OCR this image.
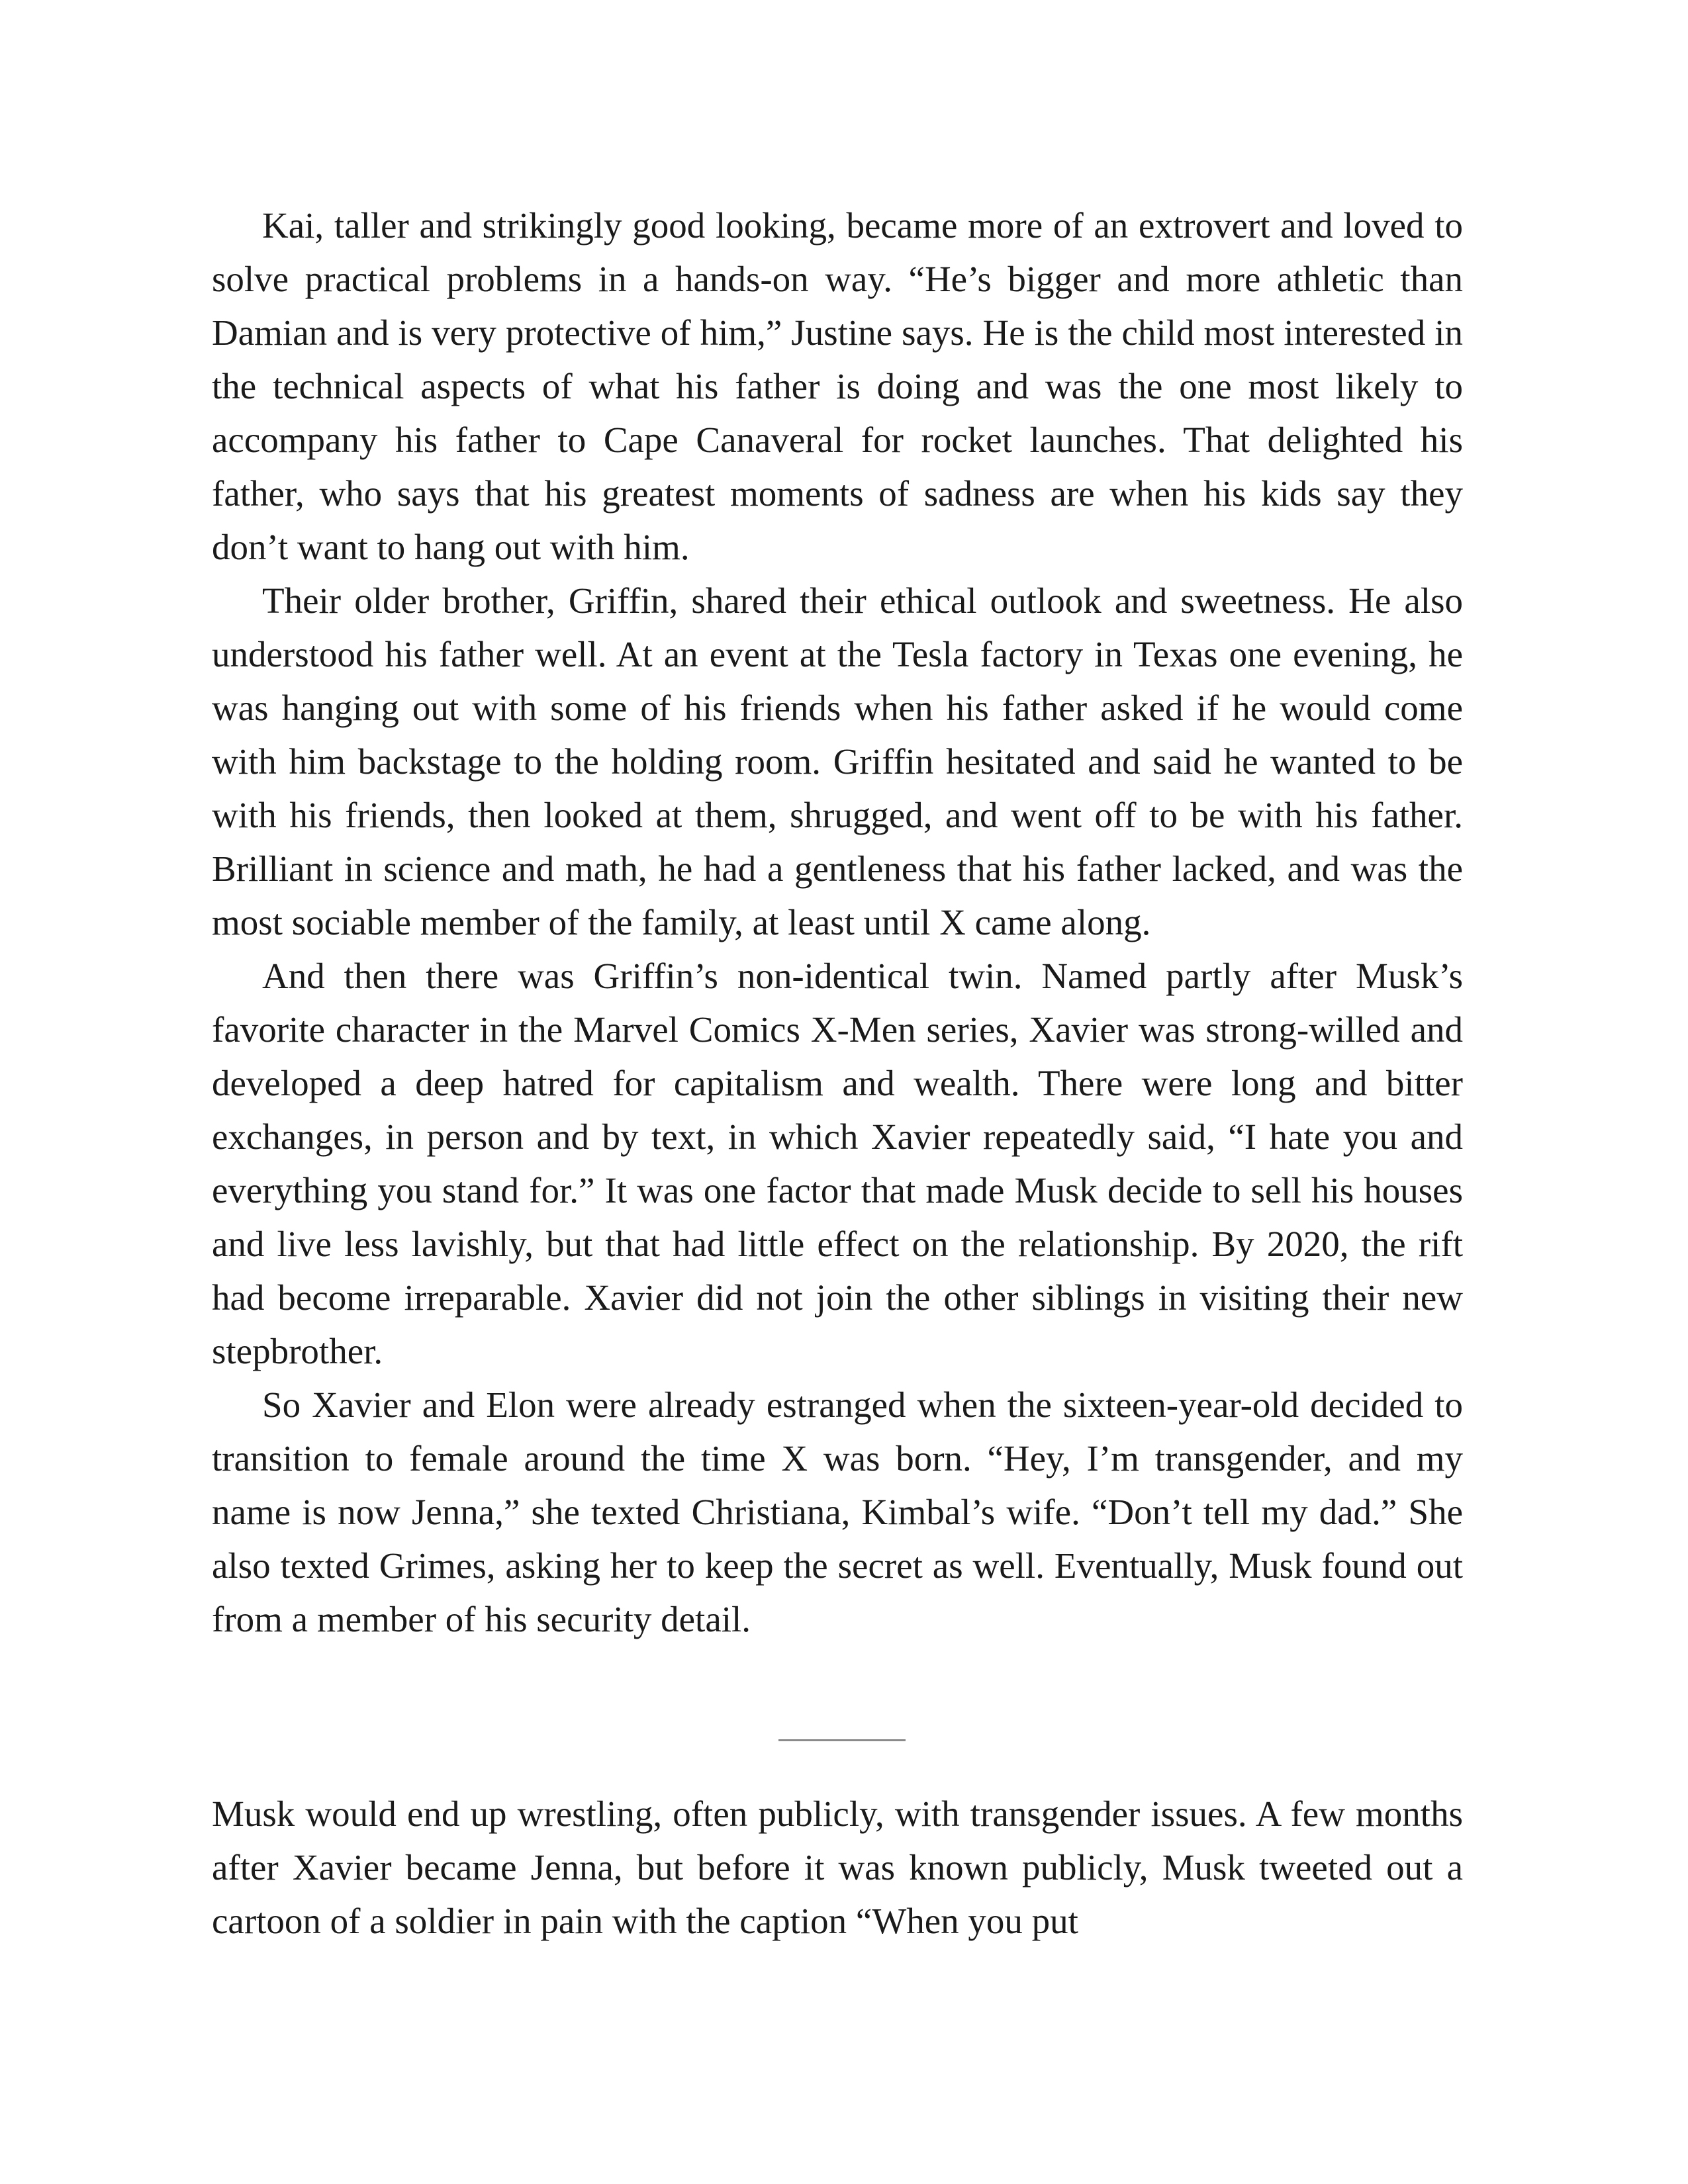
Kai, taller and strikingly good looking, became more of an extrovert and loved to solve practical problems in a hands-on way. “He’s bigger and more athletic than Damian and is very protective of him,” Justine says. He is the child most interested in the technical aspects of what his father is doing and was the one most likely to accompany his father to Cape Canaveral for rocket launches. That delighted his father, who says that his greatest moments of sadness are when his kids say they don’t want to hang out with him.

Their older brother, Griffin, shared their ethical outlook and sweetness. He also understood his father well. At an event at the Tesla factory in Texas one evening, he was hanging out with some of his friends when his father asked if he would come with him backstage to the holding room. Griffin hesitated and said he wanted to be with his friends, then looked at them, shrugged, and went off to be with his father. Brilliant in science and math, he had a gentleness that his father lacked, and was the most sociable member of the family, at least until X came along.

And then there was Griffin’s non-identical twin. Named partly after Musk’s favorite character in the Marvel Comics X-Men series, Xavier was strong-willed and developed a deep hatred for capitalism and wealth. There were long and bitter exchanges, in person and by text, in which Xavier repeatedly said, “I hate you and everything you stand for.” It was one factor that made Musk decide to sell his houses and live less lavishly, but that had little effect on the relationship. By 2020, the rift had become irreparable. Xavier did not join the other siblings in visiting their new stepbrother.

So Xavier and Elon were already estranged when the sixteen-year-old decided to transition to female around the time X was born. “Hey, I’m transgender, and my name is now Jenna,” she texted Christiana, Kimbal’s wife. “Don’t tell my dad.” She also texted Grimes, asking her to keep the secret as well. Eventually, Musk found out from a member of his security detail.

Musk would end up wrestling, often publicly, with transgender issues. A few months after Xavier became Jenna, but before it was known publicly, Musk tweeted out a cartoon of a soldier in pain with the caption “When you put
